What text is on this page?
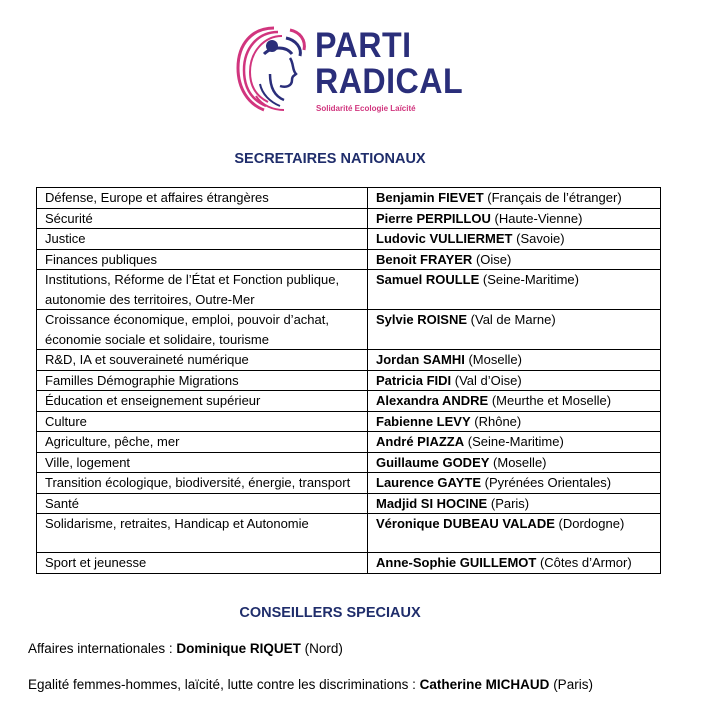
PARTI
RADICAL
Solidarité Ecologie Laïcité
SECRETAIRES NATIONAUX
Défense, Europe et affaires étrangères	Benjamin FIEVET (Français de l’étranger)
Sécurité	Pierre PERPILLOU (Haute-Vienne)
Justice	Ludovic VULLIERMET (Savoie)
Finances publiques	Benoit FRAYER (Oise)
Institutions, Réforme de l’État et Fonction publique, autonomie des territoires, Outre-Mer	Samuel ROULLE (Seine-Maritime)
Croissance économique, emploi, pouvoir d’achat, économie sociale et solidaire, tourisme	Sylvie ROISNE (Val de Marne)
R&D, IA et souveraineté numérique	Jordan SAMHI (Moselle)
Familles Démographie Migrations	Patricia FIDI (Val d’Oise)
Éducation et enseignement supérieur	Alexandra ANDRE (Meurthe et Moselle)
Culture	Fabienne LEVY (Rhône)
Agriculture, pêche, mer	André PIAZZA (Seine-Maritime)
Ville, logement	Guillaume GODEY (Moselle)
Transition écologique, biodiversité, énergie, transport	Laurence GAYTE (Pyrénées Orientales)
Santé	Madjid SI HOCINE (Paris)
Solidarisme, retraites, Handicap et Autonomie	Véronique DUBEAU VALADE (Dordogne)
Sport et jeunesse	Anne-Sophie GUILLEMOT (Côtes d’Armor)
CONSEILLERS SPECIAUX
Affaires internationales : Dominique RIQUET (Nord)
Egalité femmes-hommes, laïcité, lutte contre les discriminations : Catherine MICHAUD (Paris)
